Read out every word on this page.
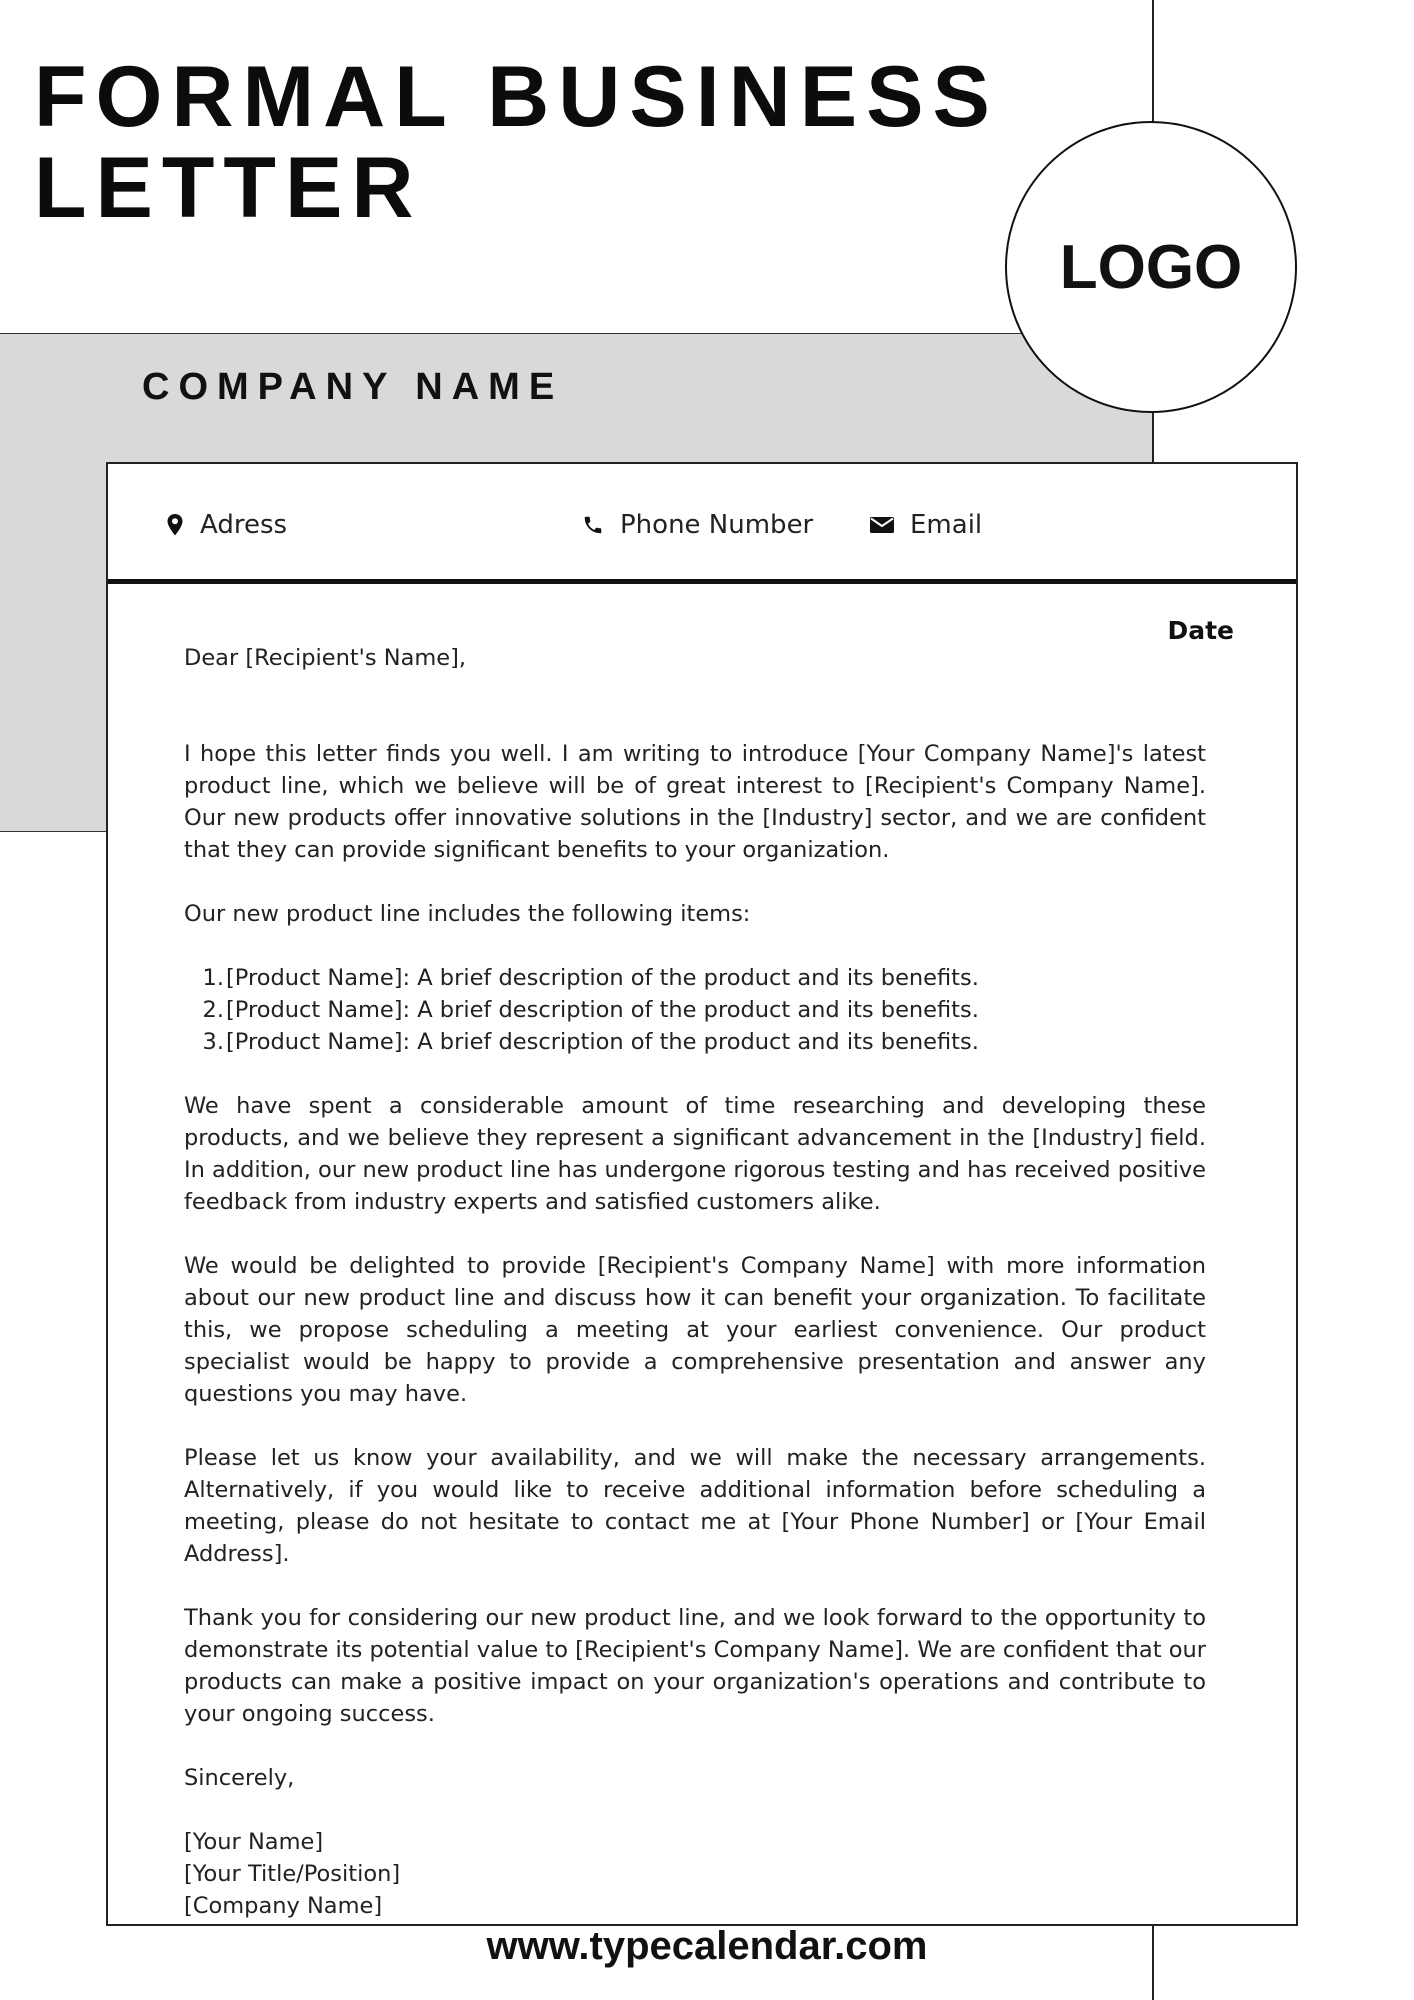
FORMAL BUSINESS
LETTER
LOGO
COMPANY NAME
Adress	Phone Number	Email
Date

Dear [Recipient's Name],

I hope this letter finds you well. I am writing to introduce [Your Company Name]'s latest product line, which we believe will be of great interest to [Recipient's Company Name]. Our new products offer innovative solutions in the [Industry] sector, and we are confident that they can provide significant benefits to your organization.

Our new product line includes the following items:

1. [Product Name]: A brief description of the product and its benefits.
2. [Product Name]: A brief description of the product and its benefits.
3. [Product Name]: A brief description of the product and its benefits.

We have spent a considerable amount of time researching and developing these products, and we believe they represent a significant advancement in the [Industry] field. In addition, our new product line has undergone rigorous testing and has received positive feedback from industry experts and satisfied customers alike.

We would be delighted to provide [Recipient's Company Name] with more information about our new product line and discuss how it can benefit your organization. To facilitate this, we propose scheduling a meeting at your earliest convenience. Our product specialist would be happy to provide a comprehensive presentation and answer any questions you may have.

Please let us know your availability, and we will make the necessary arrangements. Alternatively, if you would like to receive additional information before scheduling a meeting, please do not hesitate to contact me at [Your Phone Number] or [Your Email Address].

Thank you for considering our new product line, and we look forward to the opportunity to demonstrate its potential value to [Recipient's Company Name]. We are confident that our products can make a positive impact on your organization's operations and contribute to your ongoing success.

Sincerely,

[Your Name]

[Your Title/Position]

[Company Name]

www.typecalendar.com
